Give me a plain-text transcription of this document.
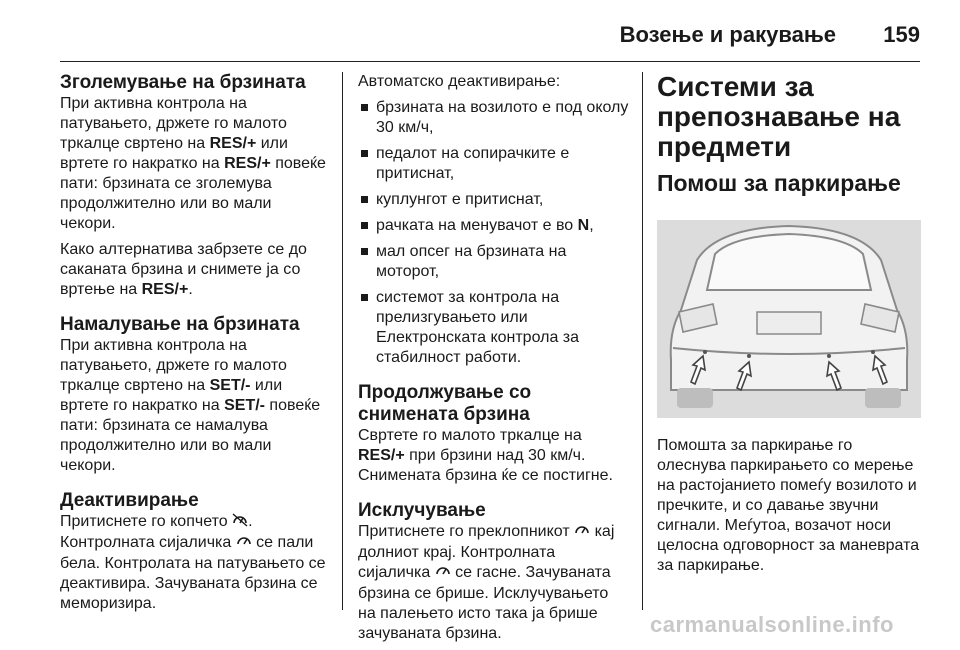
Возење и ракување 159
Зголемување на брзината

При активна контрола на патувањето, држете го малото тркалце свртено на RES/+ или вртете го накратко на RES/+ повеќе пати: брзината се зголемува продолжително или во мали чекори.

Како алтернатива забрзете се до саканата брзина и снимете ја со вртење на RES/+.

Намалување на брзината

При активна контрола на патувањето, држете го малото тркалце свртено на SET/- или вртете го накратко на SET/- повеќе пати: брзината се намалува продолжително или во мали чекори.

Деактивирање

Притиснете го копчето .

Контролната сијаличка  се пали бела. Контролата на патувањето се деактивира. Зачуваната брзина се меморизира.

Автоматско деактивирање:

брзината на возилото е под околу 30 км/ч,
педалот на сопирачките е притиснат,
куплунгот е притиснат,
рачката на менувачот е во N,
мал опсег на брзината на моторот,
системот за контрола на прелизгувањето или Електронската контрола за стабилност работи.
Продолжување со снимената брзина

Свртете го малото тркалце на RES/+ при брзини над 30 км/ч. Снимената брзина ќе се постигне.

Исклучување

Притиснете го преклопникот  кај долниот крај. Контролната сијаличка  се гасне. Зачуваната брзина се брише. Исклучувањето на палењето исто така ја брише зачуваната брзина.

Системи за препознавање на предмети
Помош за паркирање

Помошта за паркирање го олеснува паркирањето со мерење на растојанието помеѓу возилото и пречките, и со давање звучни сигнали. Меѓутоа, возачот носи целосна одговорност за маневрата за паркирање.

carmanualsonline.info
